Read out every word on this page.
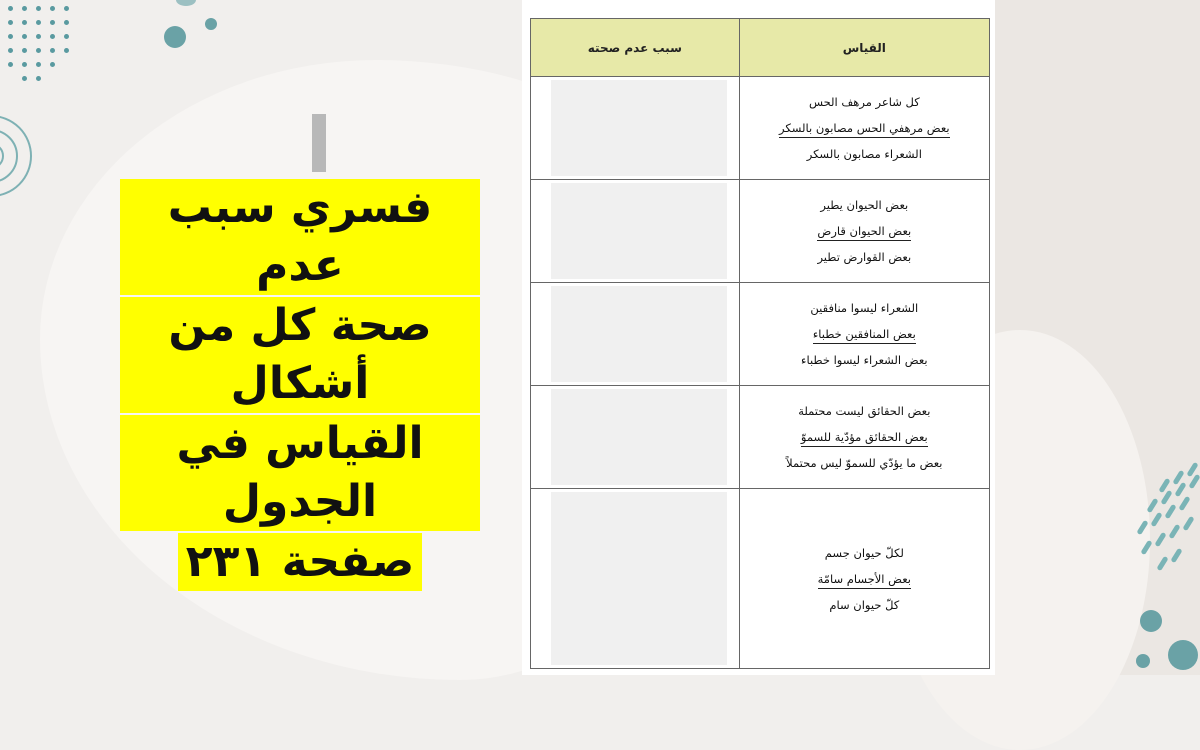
فسري سبب عدم
صحة كل من أشكال
القياس في الجدول
صفحة ٢٣١
القياس	سبب عدم صحته

كل شاعر مرهف الحس
بعض مرهفي الحس مصابون بالسكر
الشعراء مصابون بالسكر	

بعض الحيوان يطير
بعض الحيوان قارض
بعض القوارض تطير	

الشعراء ليسوا منافقين
بعض المنافقين خطباء
بعض الشعراء ليسوا خطباء	

بعض الحقائق ليست محتملة
بعض الحقائق مؤدّية للسموّ
بعض ما يؤدّي للسموّ ليس محتملاً	

لكلّ حيوان جسم
بعض الأجسام سامّة
كلّ حيوان سام	
